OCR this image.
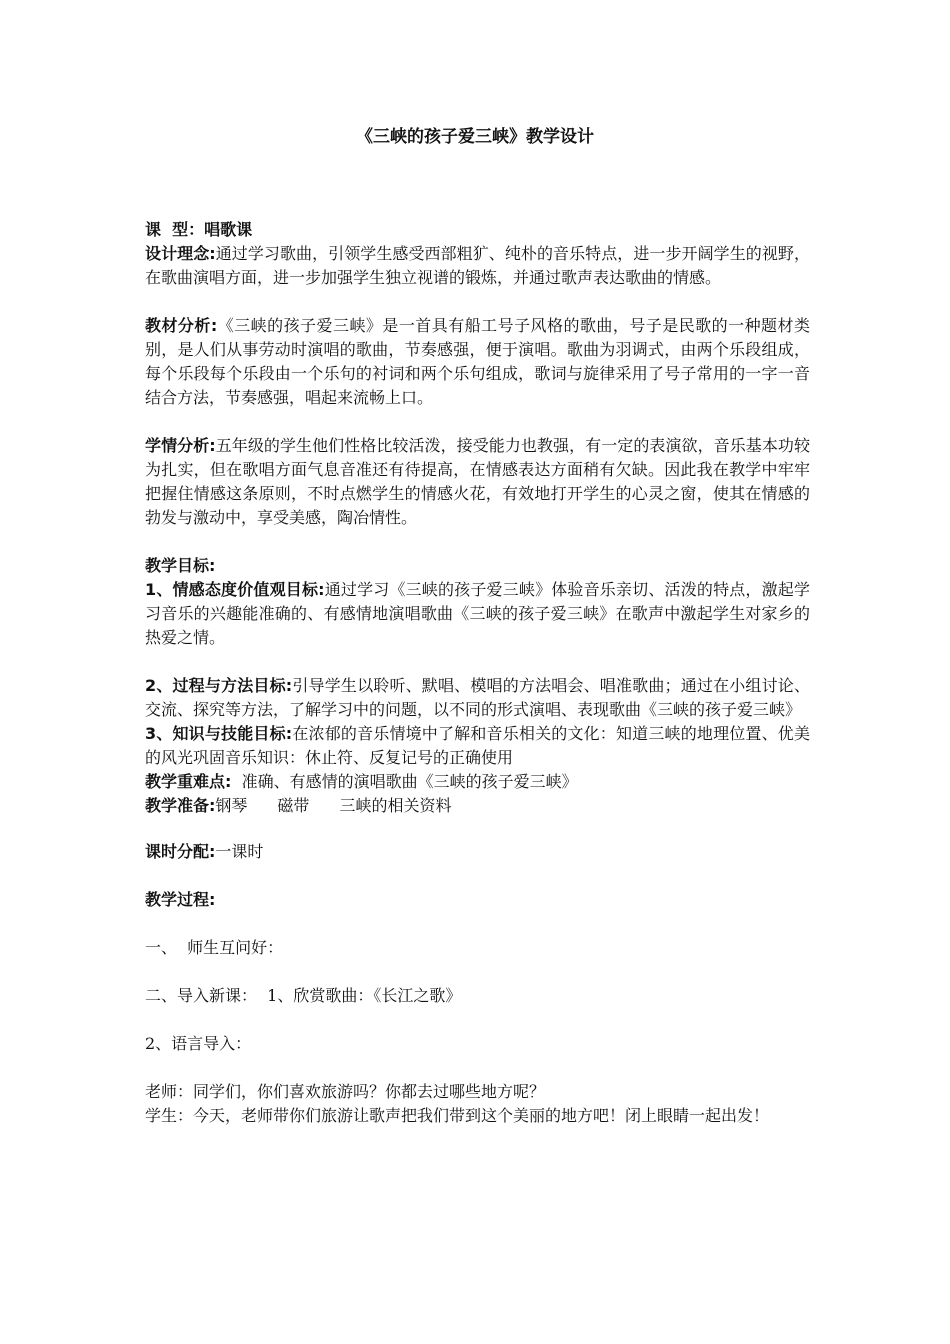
《三峡的孩子爱三峡》教学设计

课  型：唱歌课

设计理念:通过学习歌曲，引领学生感受西部粗犷、纯朴的音乐特点，进一步开阔学生的视野，在歌曲演唱方面，进一步加强学生独立视谱的锻炼，并通过歌声表达歌曲的情感。

教材分析:《三峡的孩子爱三峡》是一首具有船工号子风格的歌曲，号子是民歌的一种题材类别，是人们从事劳动时演唱的歌曲，节奏感强，便于演唱。歌曲为羽调式，由两个乐段组成，每个乐段每个乐段由一个乐句的衬词和两个乐句组成，歌词与旋律采用了号子常用的一字一音结合方法，节奏感强，唱起来流畅上口。

学情分析:五年级的学生他们性格比较活泼，接受能力也教强，有一定的表演欲，音乐基本功较为扎实，但在歌唱方面气息音准还有待提高，在情感表达方面稍有欠缺。因此我在教学中牢牢把握住情感这条原则，不时点燃学生的情感火花，有效地打开学生的心灵之窗，使其在情感的勃发与激动中，享受美感，陶冶情性。

教学目标:

1、情感态度价值观目标:通过学习《三峡的孩子爱三峡》体验音乐亲切、活泼的特点，激起学习音乐的兴趣能准确的、有感情地演唱歌曲《三峡的孩子爱三峡》在歌声中激起学生对家乡的热爱之情。

2、过程与方法目标:引导学生以聆听、默唱、模唱的方法唱会、唱准歌曲；通过在小组讨论、交流、探究等方法，了解学习中的问题，以不同的形式演唱、表现歌曲《三峡的孩子爱三峡》

3、知识与技能目标:在浓郁的音乐情境中了解和音乐相关的文化：知道三峡的地理位置、优美的风光巩固音乐知识：休止符、反复记号的正确使用

教学重难点:  准确、有感情的演唱歌曲《三峡的孩子爱三峡》

教学准备:钢琴 磁带 三峡的相关资料

课时分配:一课时

教学过程:

一、  师生互问好：

二、导入新课：  1、欣赏歌曲：《长江之歌》

2、语言导入：

老师：同学们，你们喜欢旅游吗？你都去过哪些地方呢？

学生：今天，老师带你们旅游让歌声把我们带到这个美丽的地方吧！闭上眼睛一起出发！
